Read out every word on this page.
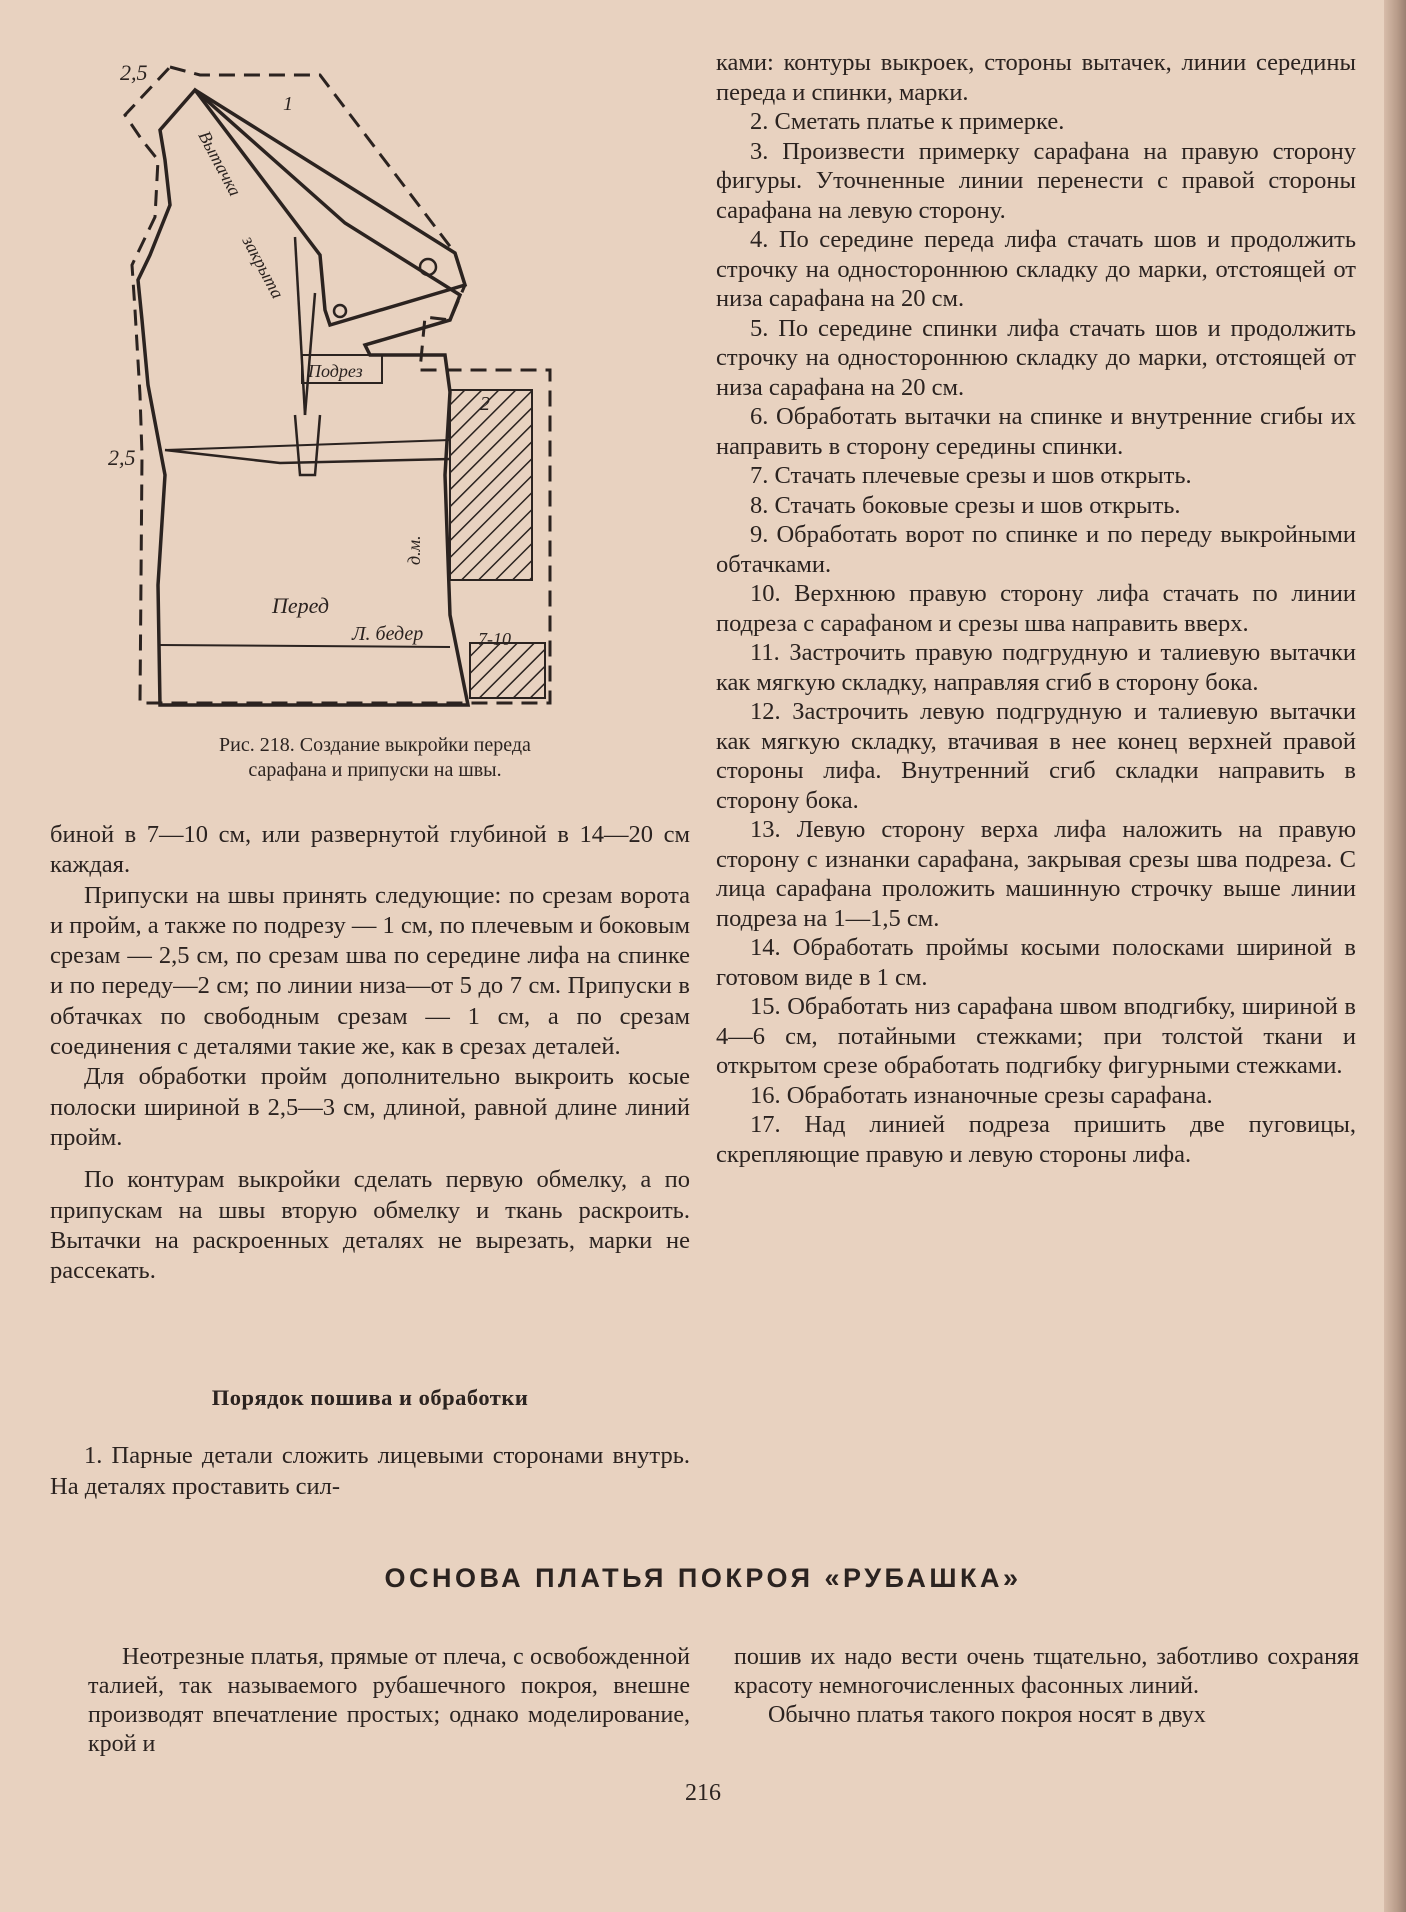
2,5
2,5
1
2
Вытачка
закрыта
Подрез
д.м.
Перед
Л. бедер	7-10
Рис. 218. Создание выкройки переда
сарафана и припуски на швы.

биной в 7—10 см, или развернутой глубиной в 14—20 см каждая.

Припуски на швы принять следующие: по срезам ворота и пройм, а также по подрезу — 1 см, по плечевым и боковым срезам — 2,5 см, по срезам шва по середине лифа на спинке и по переду—2 см; по линии низа—от 5 до 7 см. Припуски в обтачках по свободным срезам — 1 см, а по срезам соединения с деталями такие же, как в срезах деталей.

Для обработки пройм дополнительно выкроить косые полоски шириной в 2,5—3 см, длиной, равной длине линий пройм.

По контурам выкройки сделать первую обмелку, а по припускам на швы вторую обмелку и ткань раскроить. Вытачки на раскроенных деталях не вырезать, марки не рассекать.

Порядок пошива и обработки

1. Парные детали сложить лицевыми сторонами внутрь. На деталях проставить сил-

ками: контуры выкроек, стороны вытачек, линии середины переда и спинки, марки.

2. Сметать платье к примерке.

3. Произвести примерку сарафана на правую сторону фигуры. Уточненные линии перенести с правой стороны сарафана на левую сторону.

4. По середине переда лифа стачать шов и продолжить строчку на одностороннюю складку до марки, отстоящей от низа сарафана на 20 см.

5. По середине спинки лифа стачать шов и продолжить строчку на одностороннюю складку до марки, отстоящей от низа сарафана на 20 см.

6. Обработать вытачки на спинке и внутренние сгибы их направить в сторону середины спинки.

7. Стачать плечевые срезы и шов открыть.

8. Стачать боковые срезы и шов открыть.

9. Обработать ворот по спинке и по переду выкройными обтачками.

10. Верхнюю правую сторону лифа стачать по линии подреза с сарафаном и срезы шва направить вверх.

11. Застрочить правую подгрудную и талиевую вытачки как мягкую складку, направляя сгиб в сторону бока.

12. Застрочить левую подгрудную и талиевую вытачки как мягкую складку, втачивая в нее конец верхней правой стороны лифа. Внутренний сгиб складки направить в сторону бока.

13. Левую сторону верха лифа наложить на правую сторону с изнанки сарафана, закрывая срезы шва подреза. С лица сарафана проложить машинную строчку выше линии подреза на 1—1,5 см.

14. Обработать проймы косыми полосками шириной в готовом виде в 1 см.

15. Обработать низ сарафана швом вподгибку, шириной в 4—6 см, потайными стежками; при толстой ткани и открытом срезе обработать подгибку фигурными стежками.

16. Обработать изнаночные срезы сарафана.

17. Над линией подреза пришить две пуговицы, скрепляющие правую и левую стороны лифа.

ОСНОВА ПЛАТЬЯ ПОКРОЯ «РУБАШКА»

Неотрезные платья, прямые от плеча, с освобожденной талией, так называемого рубашечного покроя, внешне производят впечатление простых; однако моделирование, крой и

пошив их надо вести очень тщательно, заботливо сохраняя красоту немногочисленных фасонных линий.

Обычно платья такого покроя носят в двух

216
